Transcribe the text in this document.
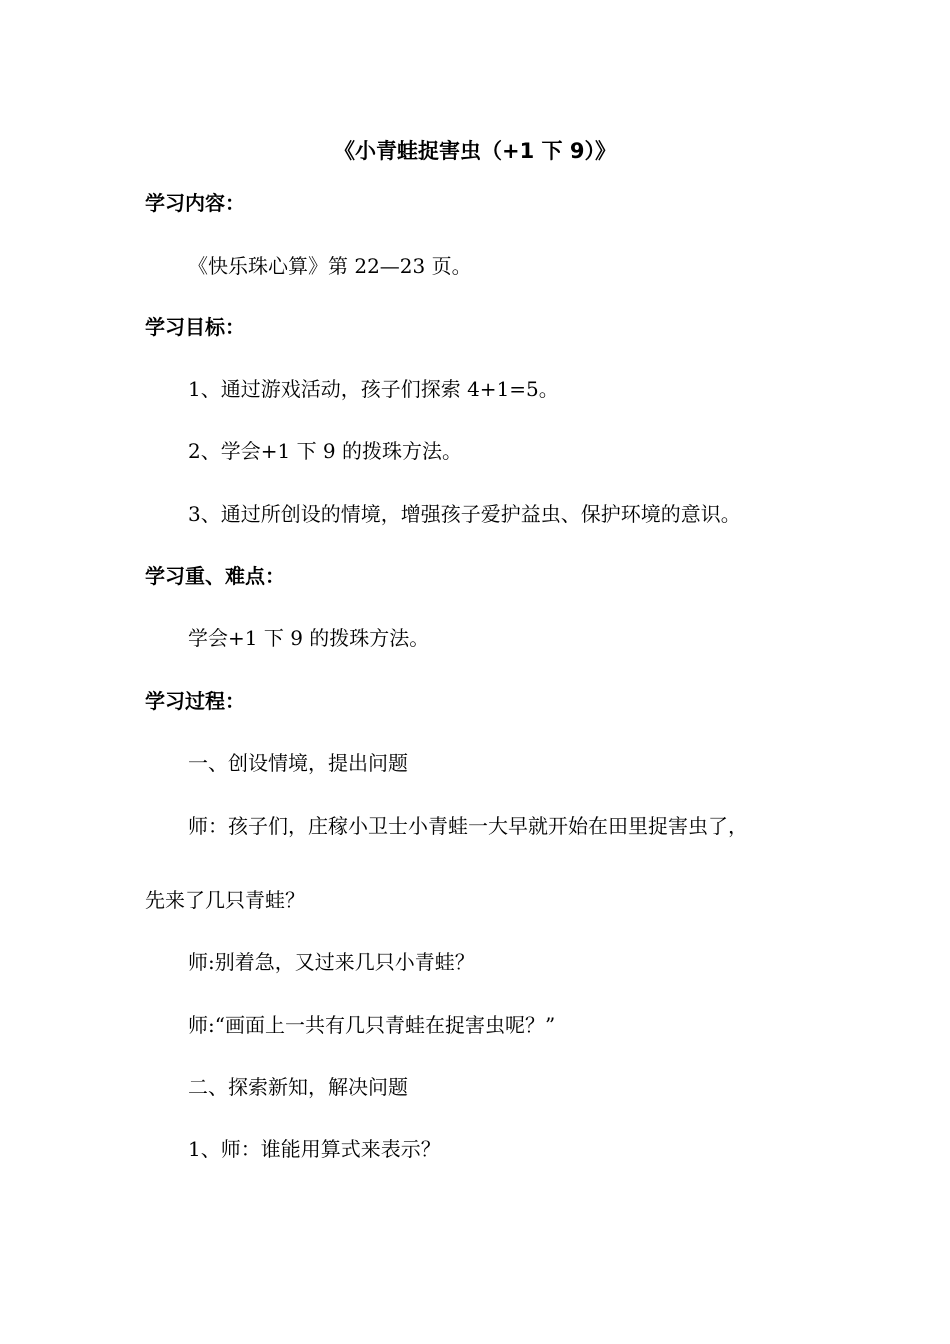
《小青蛙捉害虫（+1 下 9）》
学习内容：
《快乐珠心算》第 22—23 页。
学习目标：
1、通过游戏活动，孩子们探索 4+1=5。
2、学会+1 下 9 的拨珠方法。
3、通过所创设的情境，增强孩子爱护益虫、保护环境的意识。
学习重、难点：
学会+1 下 9 的拨珠方法。
学习过程：
一、创设情境，提出问题
师：孩子们，庄稼小卫士小青蛙一大早就开始在田里捉害虫了，
先来了几只青蛙？
师:别着急，又过来几只小青蛙？
师:“画面上一共有几只青蛙在捉害虫呢？”
二、探索新知，解决问题
1、师：谁能用算式来表示？
